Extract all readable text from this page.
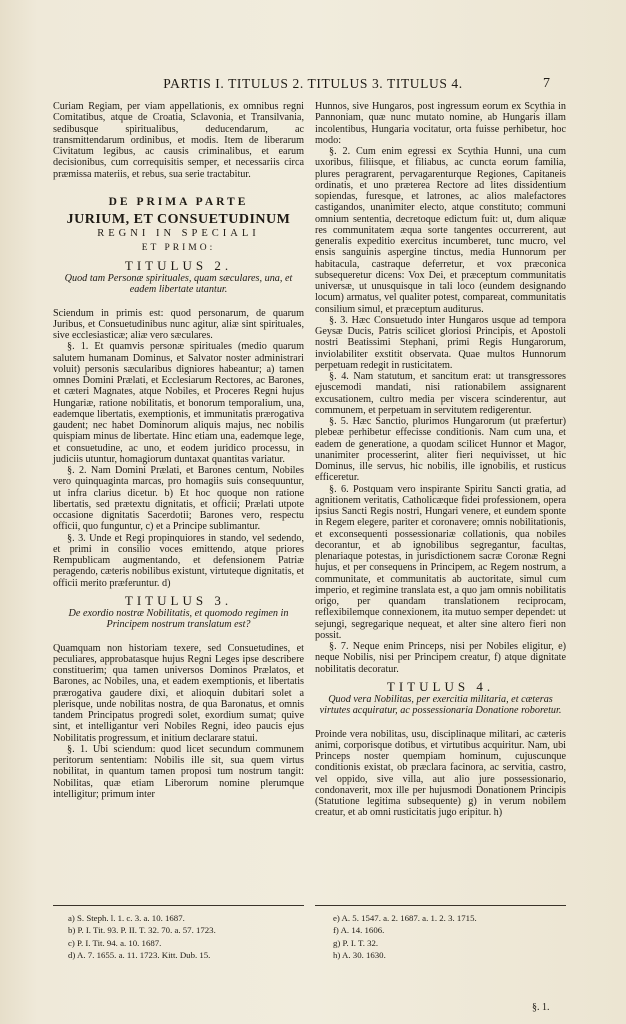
PARTIS I. TITULUS 2. TITULUS 3. TITULUS 4.	7

Curiam Regiam, per viam appellationis, ex omnibus regni Comitatibus, atque de Croatia, Sclavonia, et Transilvania, sedibusque spiritualibus, deducendarum, ac transmittendarum ordinibus, et modis. Item de liberarum Civitatum legibus, ac causis criminalibus, et earum decisionibus, cum correquisitis semper, et necessariis circa præmissa materiis, et rebus, sua serie tractabitur.

DE PRIMA PARTE
JURIUM, ET CONSUETUDINUM
REGNI IN SPECIALI
ET PRIMO:
TITULUS 2.
Quod tam Personæ spirituales, quam sæculares, una, et eadem libertate utantur.

Sciendum in primis est: quod personarum, de quarum Juribus, et Consuetudinibus nunc agitur, aliæ sint spirituales, sive ecclesiasticæ; aliæ vero sæculares.

§. 1. Et quamvis personæ spirituales (medio quarum salutem humanam Dominus, et Salvator noster administrari voluit) personis sæcularibus digniores habeantur; a) tamen omnes Domini Prælati, et Ecclesiarum Rectores, ac Barones, et cæteri Magnates, atque Nobiles, et Proceres Regni hujus Hungariæ, ratione nobilitatis, et bonorum temporalium, una, eademque libertatis, exemptionis, et immunitatis prærogativa gaudent; nec habet Dominorum aliquis majus, nec nobilis quispiam minus de libertate. Hinc etiam una, eademque lege, et consuetudine, ac uno, et eodem juridico processu, in judiciis utuntur, homagiorum duntaxat quantitas variatur.

§. 2. Nam Domini Prælati, et Barones centum, Nobiles vero quinquaginta marcas, pro homagiis suis consequuntur, ut infra clarius dicetur. b) Et hoc quoque non ratione libertatis, sed prætextu dignitatis, et officii; Prælati utpote occasione dignitatis Sacerdotii; Barones vero, respectu officii, quo funguntur, c) et a Principe sublimantur.

§. 3. Unde et Regi propinquiores in stando, vel sedendo, et primi in consilio voces emittendo, atque priores Rempublicam augmentando, et defensionem Patriæ peragendo, cæteris nobilibus existunt, virtuteque dignitatis, et officii merito præferuntur. d)

TITULUS 3.
De exordio nostræ Nobilitatis, et quomodo regimen in Principem nostrum translatum est?

Quamquam non historiam texere, sed Consuetudines, et peculiares, approbatasque hujus Regni Leges ipse describere constituerim; qua tamen universos Dominos Prælatos, et Barones, ac Nobiles, una, et eadem exemptionis, et libertatis prærogativa gaudere dixi, et alioquin dubitari solet a plerisque, unde nobilitas nostra, de qua Baronatus, et omnis tandem Principatus progredi solet, exordium sumat; quive sint, et intelligantur veri Nobiles Regni, ideo paucis ejus Nobilitatis progressum, et initium declarare statui.

§. 1. Ubi sciendum: quod licet secundum communem peritorum sententiam: Nobilis ille sit, sua quem virtus nobilitat, in quantum tamen proposi tum nostrum tangit: Nobilitas, quæ etiam Liberorum nomine plerumque intelligitur; primum inter

Hunnos, sive Hungaros, post ingressum eorum ex Scythia in Pannoniam, quæ nunc mutato nomine, ab Hungaris illam incolentibus, Hungaria vocitatur, orta fuisse perhibetur, hoc modo:

§. 2. Cum enim egressi ex Scythia Hunni, una cum uxoribus, filiisque, et filiabus, ac cuncta eorum familia, plures peragrarent, pervagarenturque Regiones, Capitaneis ordinatis, et uno præterea Rectore ad lites dissidentium sopiendas, furesque, et latrones, ac alios malefactores castigandos, unanimiter electo, atque constituto; communi omnium sententia, decretoque edictum fuit: ut, dum aliquæ res communitatem æqua sorte tangentes occurrerent, aut generalis expeditio exercitus incumberet, tunc mucro, vel ensis sanguinis aspergine tinctus, media Hunnorum per habitacula, castraque deferretur, et vox præconica subsequeretur dicens: Vox Dei, et præceptum communitatis universæ, ut unusquisque in tali loco (eundem designando locum) armatus, vel qualiter potest, compareat, communitatis consilium simul, et præceptum auditurus.

§. 3. Hæc Consuetudo inter Hungaros usque ad tempora Geysæ Ducis, Patris scilicet gloriosi Principis, et Apostoli nostri Beatissimi Stephani, primi Regis Hungarorum, inviolabiliter exstitit observata. Quae multos Hunnorum perpetuam redegit in rusticitatem.

§. 4. Nam statutum, et sancitum erat: ut transgressores ejuscemodi mandati, nisi rationabilem assignarent excusationem, cultro media per viscera scinderentur, aut communem, et perpetuam in servitutem redigerentur.

§. 5. Hæc Sanctio, plurimos Hungarorum (ut præfertur) plebeæ perhibetur effecisse conditionis. Nam cum una, et eadem de generatione, a quodam scilicet Hunnor et Magor, unanimiter processerint, aliter fieri nequivisset, ut hic Dominus, ille servus, hic nobilis, ille ignobilis, et rusticus efficeretur.

§. 6. Postquam vero inspirante Spiritu Sancti gratia, ad agnitionem veritatis, Catholicæque fidei professionem, opera ipsius Sancti Regis nostri, Hungari venere, et eundem sponte in Regem elegere, pariter et coronavere; omnis nobilitationis, et exconsequenti possessionariæ collationis, qua nobiles decorantur, et ab ignobilibus segregantur, facultas, plenariaque potestas, in jurisdictionem sacræ Coronæ Regni hujus, et per consequens in Principem, ac Regem nostrum, a communitate, et communitatis ab auctoritate, simul cum imperio, et regimine translata est, a quo jam omnis nobilitatis origo, per quandam translationem reciprocam, reflexibilemque connexionem, ita mutuo semper dependet: ut sejungi, segregarique nequeat, et alter sine altero fieri non possit.

§. 7. Neque enim Princeps, nisi per Nobiles eligitur, e) neque Nobilis, nisi per Principem creatur, f) atque dignitate nobilitatis decoratur.

TITULUS 4.
Quod vera Nobilitas, per exercitia militaria, et cæteras virtutes acquiratur, ac possessionaria Donatione roboretur.

Proinde vera nobilitas, usu, disciplinaque militari, ac cæteris animi, corporisque dotibus, et virtutibus acquiritur. Nam, ubi Princeps noster quempiam hominum, cujuscunque conditionis existat, ob præclara facinora, ac servitia, castro, vel oppido, sive villa, aut alio jure possessionario, condonaverit, mox ille per hujusmodi Donationem Principis (Statutione legitima subsequente) g) in verum nobilem creatur, et ab omni rusticitatis jugo eripitur. h)

a) S. Steph. l. 1. c. 3. a. 10. 1687.
b) P. I. Tit. 93. P. II. T. 32. 70. a. 57. 1723.
c) P. I. Tit. 94. a. 10. 1687.
d) A. 7. 1655. a. 11. 1723. Kitt. Dub. 15.
e) A. 5. 1547. a. 2. 1687. a. 1. 2. 3. 1715.
f) A. 14. 1606.
g) P. I. T. 32.
h) A. 30. 1630.
§. 1.
